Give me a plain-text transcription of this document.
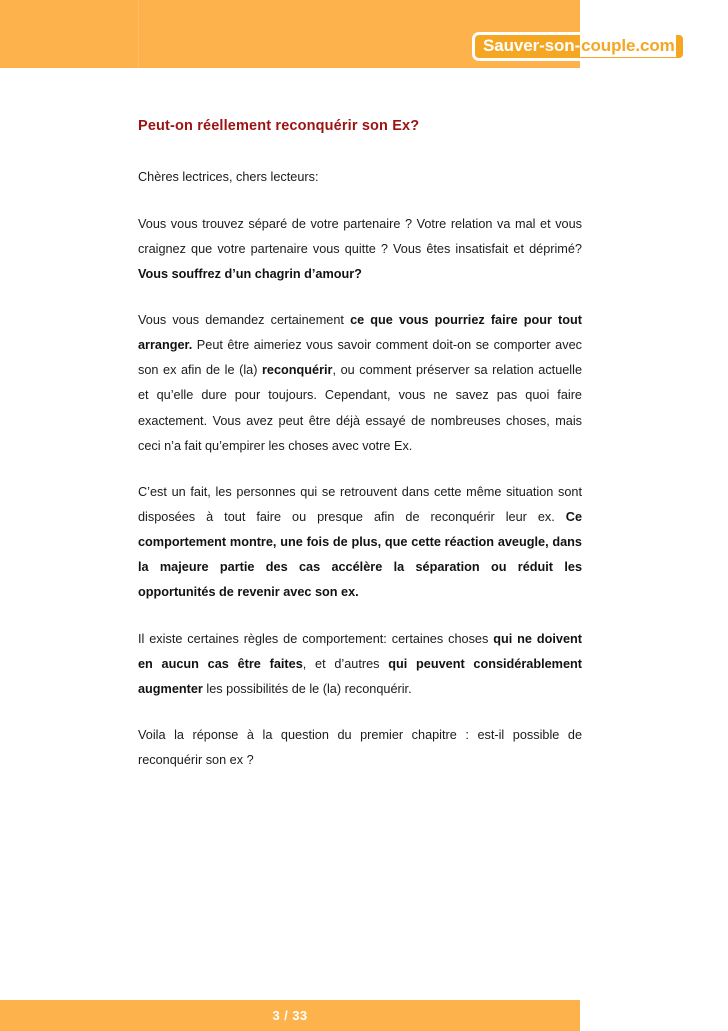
Sauver-son- couple.com
Peut-on réellement reconquérir son Ex?

Chères lectrices, chers lecteurs:

Vous vous trouvez séparé de votre partenaire ? Votre relation va mal et vous craignez que votre partenaire vous quitte ? Vous êtes insatisfait et déprimé? Vous souffrez d’un chagrin d’amour?

Vous vous demandez certainement ce que vous pourriez faire pour tout arranger. Peut être aimeriez vous savoir comment doit-on se comporter avec son ex afin de le (la) reconquérir, ou comment préserver sa relation actuelle et qu’elle dure pour toujours. Cependant, vous ne savez pas quoi faire exactement. Vous avez peut être déjà essayé de nombreuses choses, mais ceci n’a fait qu’empirer les choses avec votre Ex.

C’est un fait, les personnes qui se retrouvent dans cette même situation sont disposées à tout faire ou presque afin de reconquérir leur ex. Ce comportement montre, une fois de plus, que cette réaction aveugle, dans la majeure partie des cas accélère la séparation ou réduit les opportunités de revenir avec son ex.

Il existe certaines règles de comportement: certaines choses qui ne doivent en aucun cas être faites, et d’autres qui peuvent considérablement augmenter les possibilités de le (la) reconquérir.

Voila la réponse à la question du premier chapitre : est-il possible de reconquérir son ex ?

3 / 33
